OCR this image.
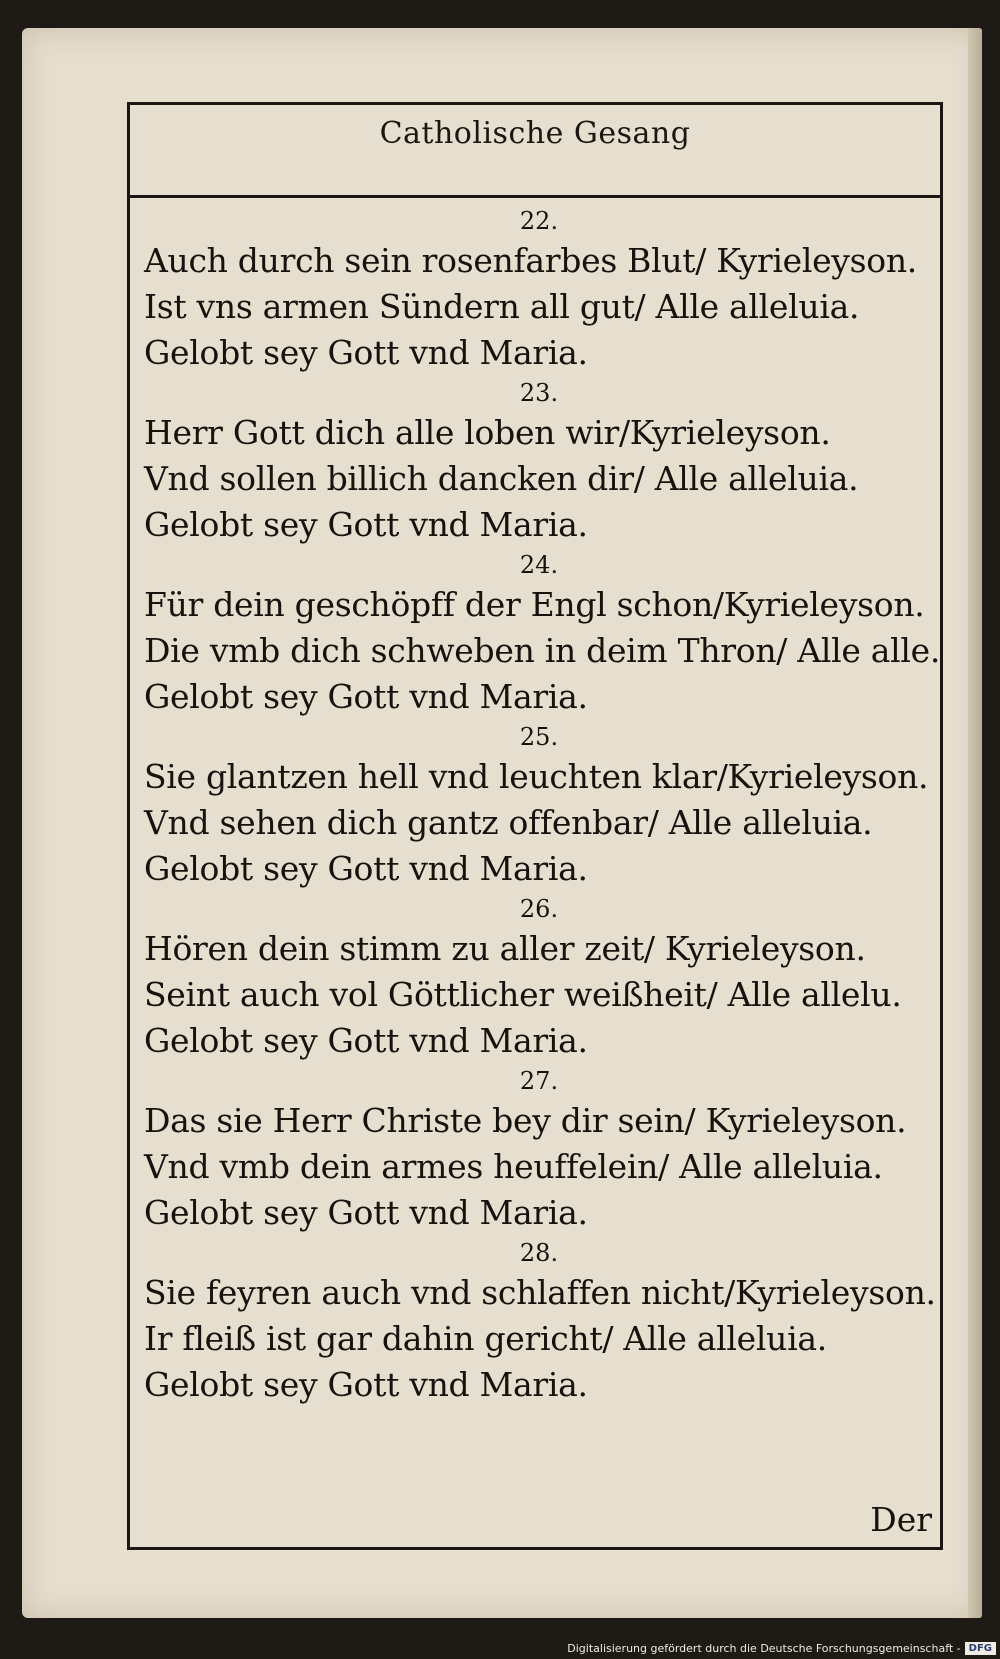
Catholische Gesang
22.
Auch durch sein rosenfarbes Blut/ Kyrieleyson.
Ist vns armen Sündern all gut/ Alle alleluia.
Gelobt sey Gott vnd Maria.
23.
Herr Gott dich alle loben wir/Kyrieleyson.
Vnd sollen billich dancken dir/ Alle alleluia.
Gelobt sey Gott vnd Maria.
24.
Für dein geschöpff der Engl schon/Kyrieleyson.
Die vmb dich schweben in deim Thron/ Alle alle.
Gelobt sey Gott vnd Maria.
25.
Sie glantzen hell vnd leuchten klar/Kyrieleyson.
Vnd sehen dich gantz offenbar/ Alle alleluia.
Gelobt sey Gott vnd Maria.
26.
Hören dein stimm zu aller zeit/ Kyrieleyson.
Seint auch vol Göttlicher weißheit/ Alle allelu.
Gelobt sey Gott vnd Maria.
27.
Das sie Herr Christe bey dir sein/ Kyrieleyson.
Vnd vmb dein armes heuffelein/ Alle alleluia.
Gelobt sey Gott vnd Maria.
28.
Sie feyren auch vnd schlaffen nicht/Kyrieleyson.
Ir fleiß ist gar dahin gericht/ Alle alleluia.
Gelobt sey Gott vnd Maria.
Der
Digitalisierung gefördert durch die Deutsche Forschungsgemeinschaft - DFG
